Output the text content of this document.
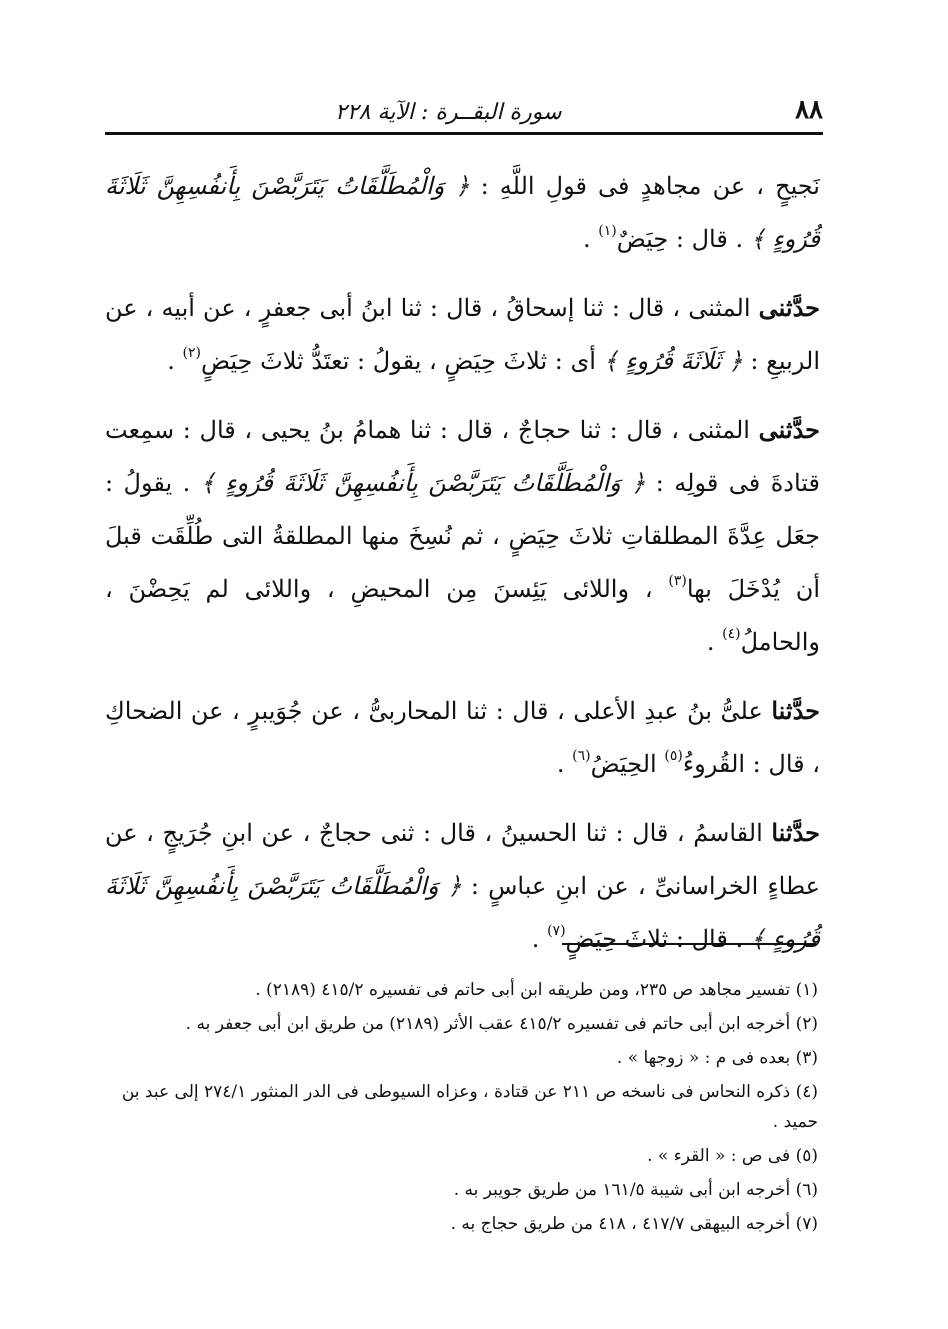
٨٨
سورة البقــرة : الآية ٢٢٨

نَجيحٍ ، عن مجاهدٍ فى قولِ اللَّهِ : ﴿ وَالْمُطَلَّقَاتُ يَتَرَبَّصْنَ بِأَنفُسِهِنَّ ثَلَاثَةَ قُرُوءٍ ﴾ . قال : حِيَضٌ$^{(١)}$ .

حدَّثنى المثنى ، قال : ثنا إسحاقُ ، قال : ثنا ابنُ أبى جعفرٍ ، عن أبيه ، عن الربيعِ : ﴿ ثَلَاثَةَ قُرُوءٍ ﴾ أى : ثلاثَ حِيَضٍ ، يقولُ : تعتَدُّ ثلاثَ حِيَضٍ$^{(٢)}$ .

حدَّثنى المثنى ، قال : ثنا حجاجٌ ، قال : ثنا همامُ بنُ يحيى ، قال : سمِعت قتادةَ فى قولِه : ﴿ وَالْمُطَلَّقَاتُ يَتَرَبَّصْنَ بِأَنفُسِهِنَّ ثَلَاثَةَ قُرُوءٍ ﴾ . يقولُ : جعَل عِدَّةَ المطلقاتِ ثلاثَ حِيَضٍ ، ثم نُسِخَ منها المطلقةُ التى طُلِّقَت قبلَ أن يُدْخَلَ بها$^{(٣)}$ ، واللائى يَئِسنَ مِن المحيضِ ، واللائى لم يَحِضْنَ ، والحاملُ$^{(٤)}$ .

حدَّثنا علىُّ بنُ عبدِ الأعلى ، قال : ثنا المحاربىُّ ، عن جُوَيبرٍ ، عن الضحاكِ ، قال : القُروءُ$^{(٥)}$ الحِيَضُ$^{(٦)}$ .

حدَّثنا القاسمُ ، قال : ثنا الحسينُ ، قال : ثنى حجاجٌ ، عن ابنِ جُرَيجٍ ، عن عطاءٍ الخراسانىِّ ، عن ابنِ عباسٍ : ﴿ وَالْمُطَلَّقَاتُ يَتَرَبَّصْنَ بِأَنفُسِهِنَّ ثَلَاثَةَ قُرُوءٍ ﴾ . قال : ثلاثَ حِيَضٍ$^{(٧)}$ .

(١) تفسير مجاهد ص ٢٣٥، ومن طريقه ابن أبى حاتم فى تفسيره ٤١٥/٢ (٢١٨٩) .

(٢) أخرجه ابن أبى حاتم فى تفسيره ٤١٥/٢ عقب الأثر (٢١٨٩) من طريق ابن أبى جعفر به .

(٣) بعده فى م : « زوجها » .

(٤) ذكره النحاس فى ناسخه ص ٢١١ عن قتادة ، وعزاه السيوطى فى الدر المنثور ٢٧٤/١ إلى عبد بن حميد .

(٥) فى ص : « القرء » .

(٦) أخرجه ابن أبى شيبة ١٦١/٥ من طريق جويبر به .

(٧) أخرجه البيهقى ٤١٧/٧ ، ٤١٨ من طريق حجاج به .
